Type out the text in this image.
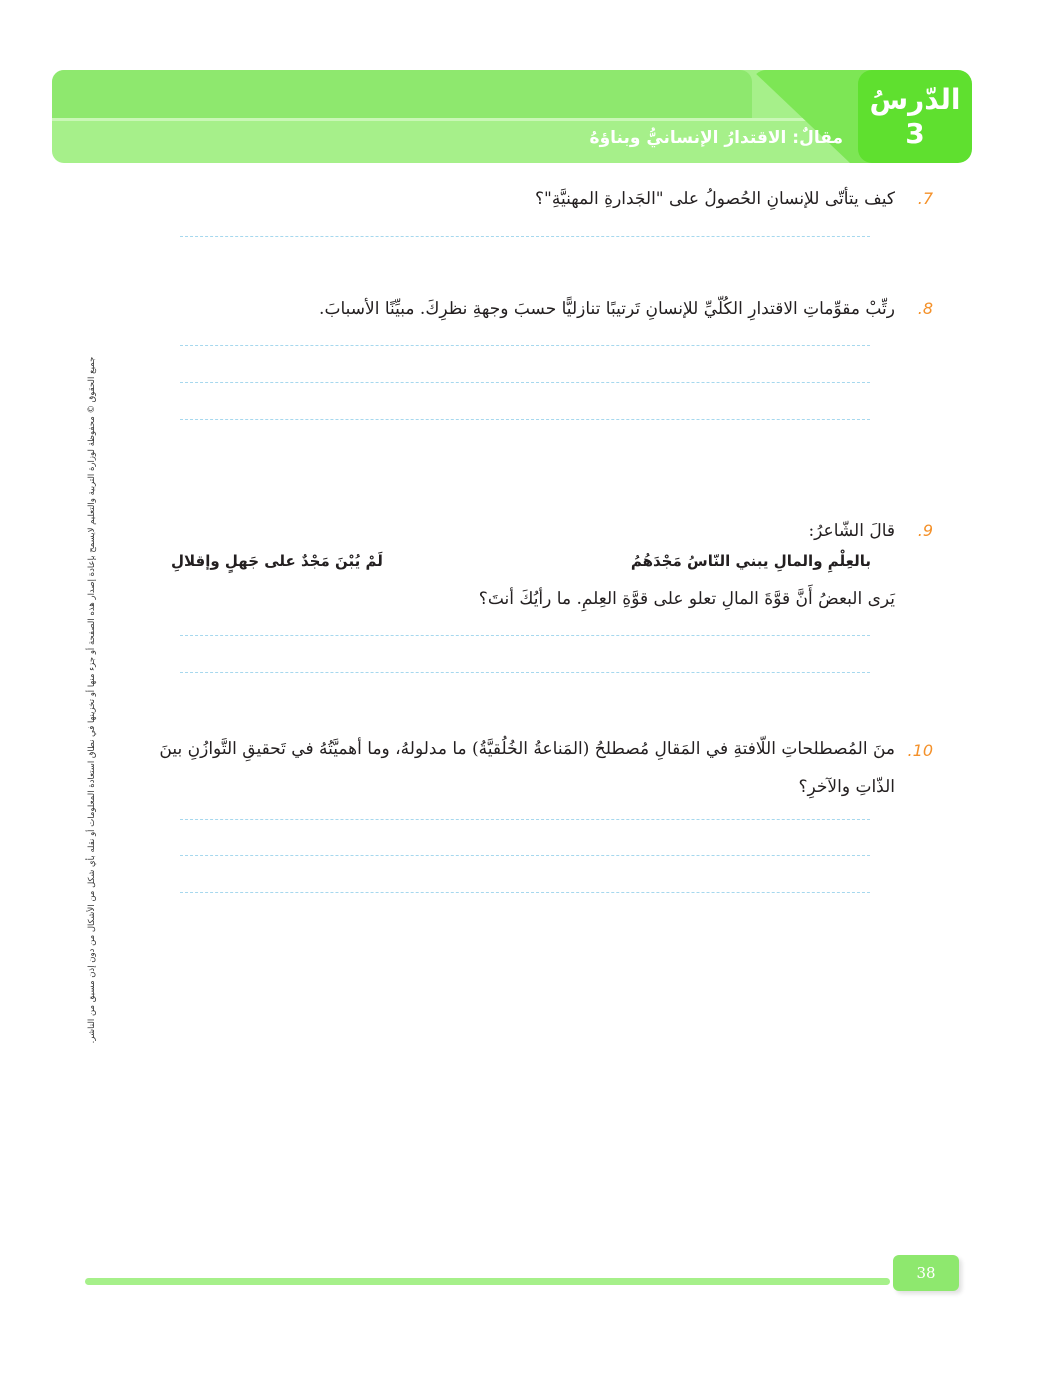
الدّرسُ
3
مقالٌ: الاقتدارُ الإنسانيُّ وبناؤهُ
جميع الحقوق © محفوظة لوزارة التربية والتعليم لايسمح بإعادة إصدار هذه الصفحة أو جزء منها أو تخزينها في نطاق استعادة المعلومات أو نقله بأي شكل من الأشكال من دون إذن مسبق من الناشر.
7.
كيف يتأتّى للإنسانِ الحُصولُ على "الجَدارةِ المهنيَّةِ"؟
8.
رتِّبْ مقوِّماتِ الاقتدارِ الكُلّيِّ للإنسانِ تَرتيبًا تنازليًّا حسبَ وجهةِ نظرِكَ. مبيِّنًا الأسبابَ.
9.
قالَ الشّاعرُ:
بالعِلْمِ والمالِ يبني النّاسُ مَجْدَهُمُ
لَمْ يُبْنَ مَجْدٌ على جَهلٍ وإقلالِ
يَرى البعضُ أَنَّ قوَّةَ المالِ تعلو على قوَّةِ العِلمِ. ما رأيُكَ أنتَ؟
10.
منَ المُصطلحاتِ اللّافتةِ في المَقالِ مُصطلحُ (المَناعةُ الخُلُقيَّةُ) ما مدلولهُ، وما أهميَّتُهُ في تَحقيقِ التَّوازُنِ بينَ الذّاتِ والآخرِ؟
38
